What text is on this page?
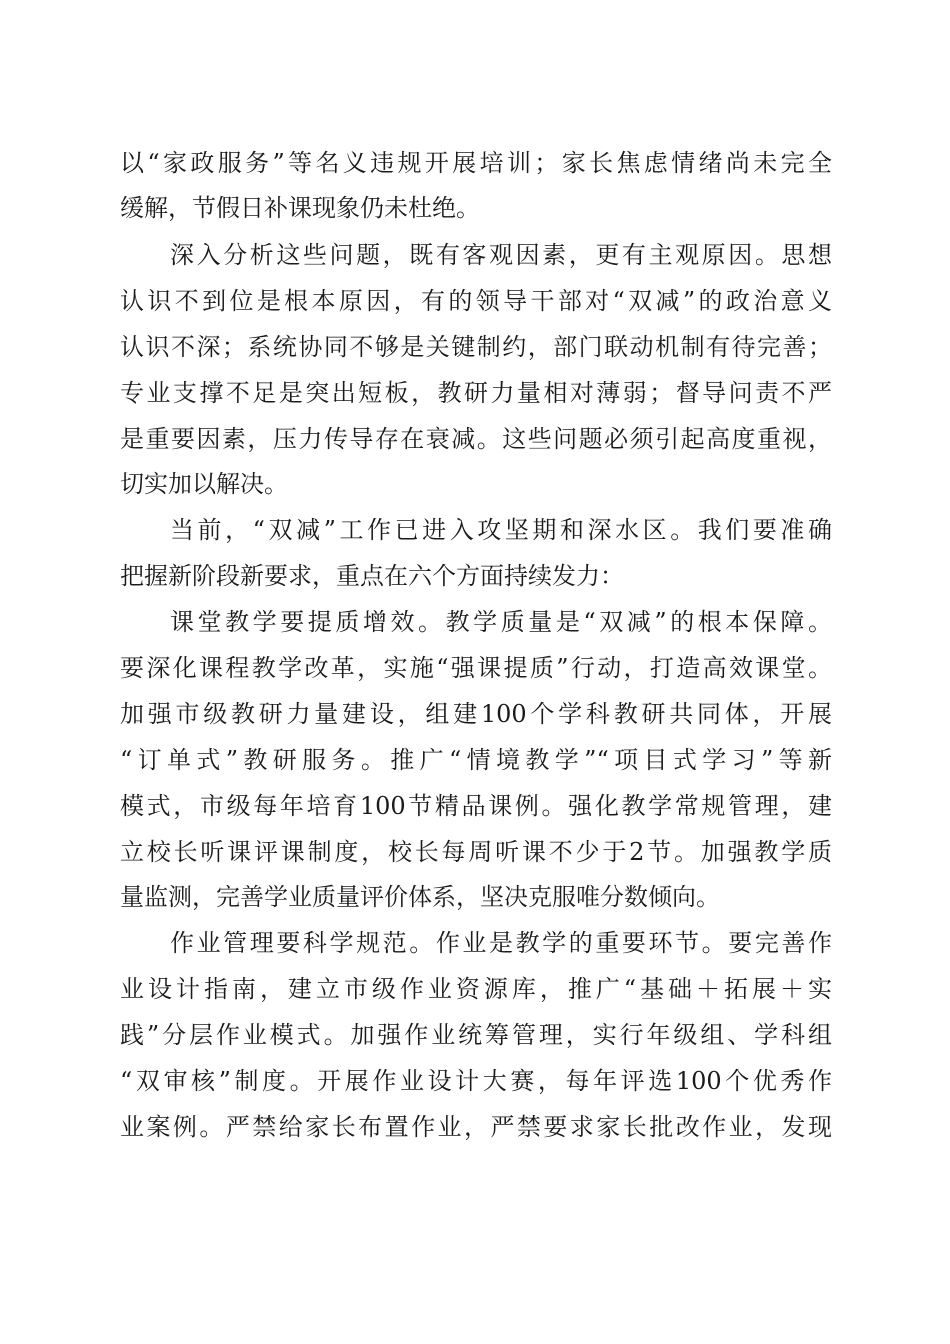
以“家政服务”等名义违规开展培训；家长焦虑情绪尚未完全
缓解，节假日补课现象仍未杜绝。
深入分析这些问题，既有客观因素，更有主观原因。思想
认识不到位是根本原因，有的领导干部对“双减”的政治意义
认识不深；系统协同不够是关键制约，部门联动机制有待完善；
专业支撑不足是突出短板，教研力量相对薄弱；督导问责不严
是重要因素，压力传导存在衰减。这些问题必须引起高度重视，
切实加以解决。
当前，“双减”工作已进入攻坚期和深水区。我们要准确
把握新阶段新要求，重点在六个方面持续发力：
课堂教学要提质增效。教学质量是“双减”的根本保障。
要深化课程教学改革，实施“强课提质”行动，打造高效课堂。
加强市级教研力量建设，组建100个学科教研共同体，开展
“订单式”教研服务。推广“情境教学”“项目式学习”等新
模式，市级每年培育100节精品课例。强化教学常规管理，建
立校长听课评课制度，校长每周听课不少于2节。加强教学质
量监测，完善学业质量评价体系，坚决克服唯分数倾向。
作业管理要科学规范。作业是教学的重要环节。要完善作
业设计指南，建立市级作业资源库，推广“基础＋拓展＋实
践”分层作业模式。加强作业统筹管理，实行年级组、学科组
“双审核”制度。开展作业设计大赛，每年评选100个优秀作
业案例。严禁给家长布置作业，严禁要求家长批改作业，发现
